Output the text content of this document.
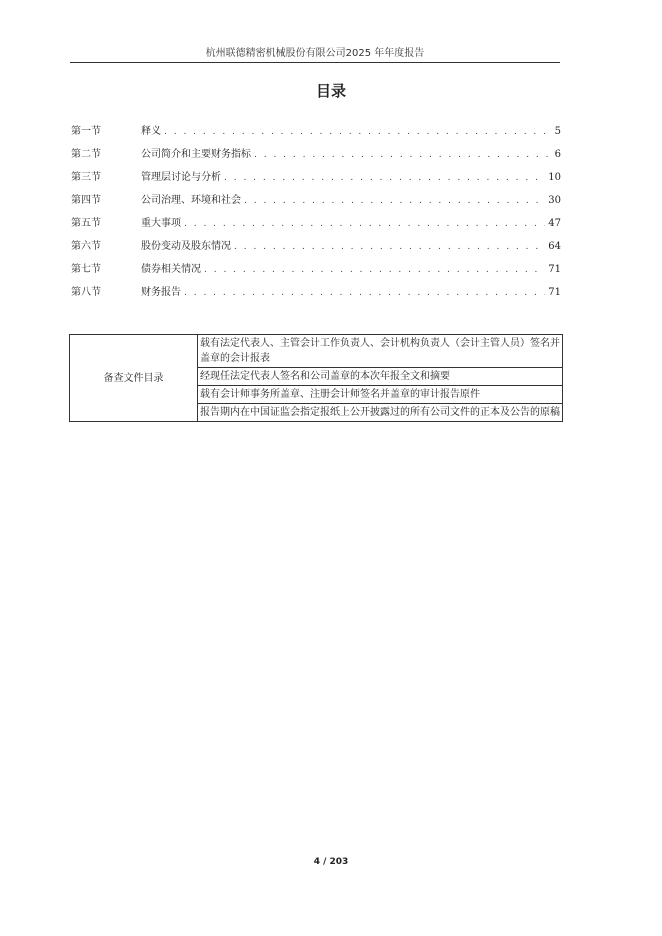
杭州联德精密机械股份有限公司2025 年年度报告
目录
第一节	释义 . . .	5
第二节	公司简介和主要财务指标 . . .	6
第三节	管理层讨论与分析 . . .	10
第四节	公司治理、环境和社会 . . .	30
第五节	重大事项 . . .	47
第六节	股份变动及股东情况 . . .	64
第七节	债券相关情况 . . .	71
第八节	财务报告 . . .	71
备查文件目录	载有法定代表人、主管会计工作负责人、会计机构负责人（会计主管人员）签名并盖章的会计报表
经现任法定代表人签名和公司盖章的本次年报全文和摘要
载有会计师事务所盖章、注册会计师签名并盖章的审计报告原件
报告期内在中国证监会指定报纸上公开披露过的所有公司文件的正本及公告的原稿
4 / 203
